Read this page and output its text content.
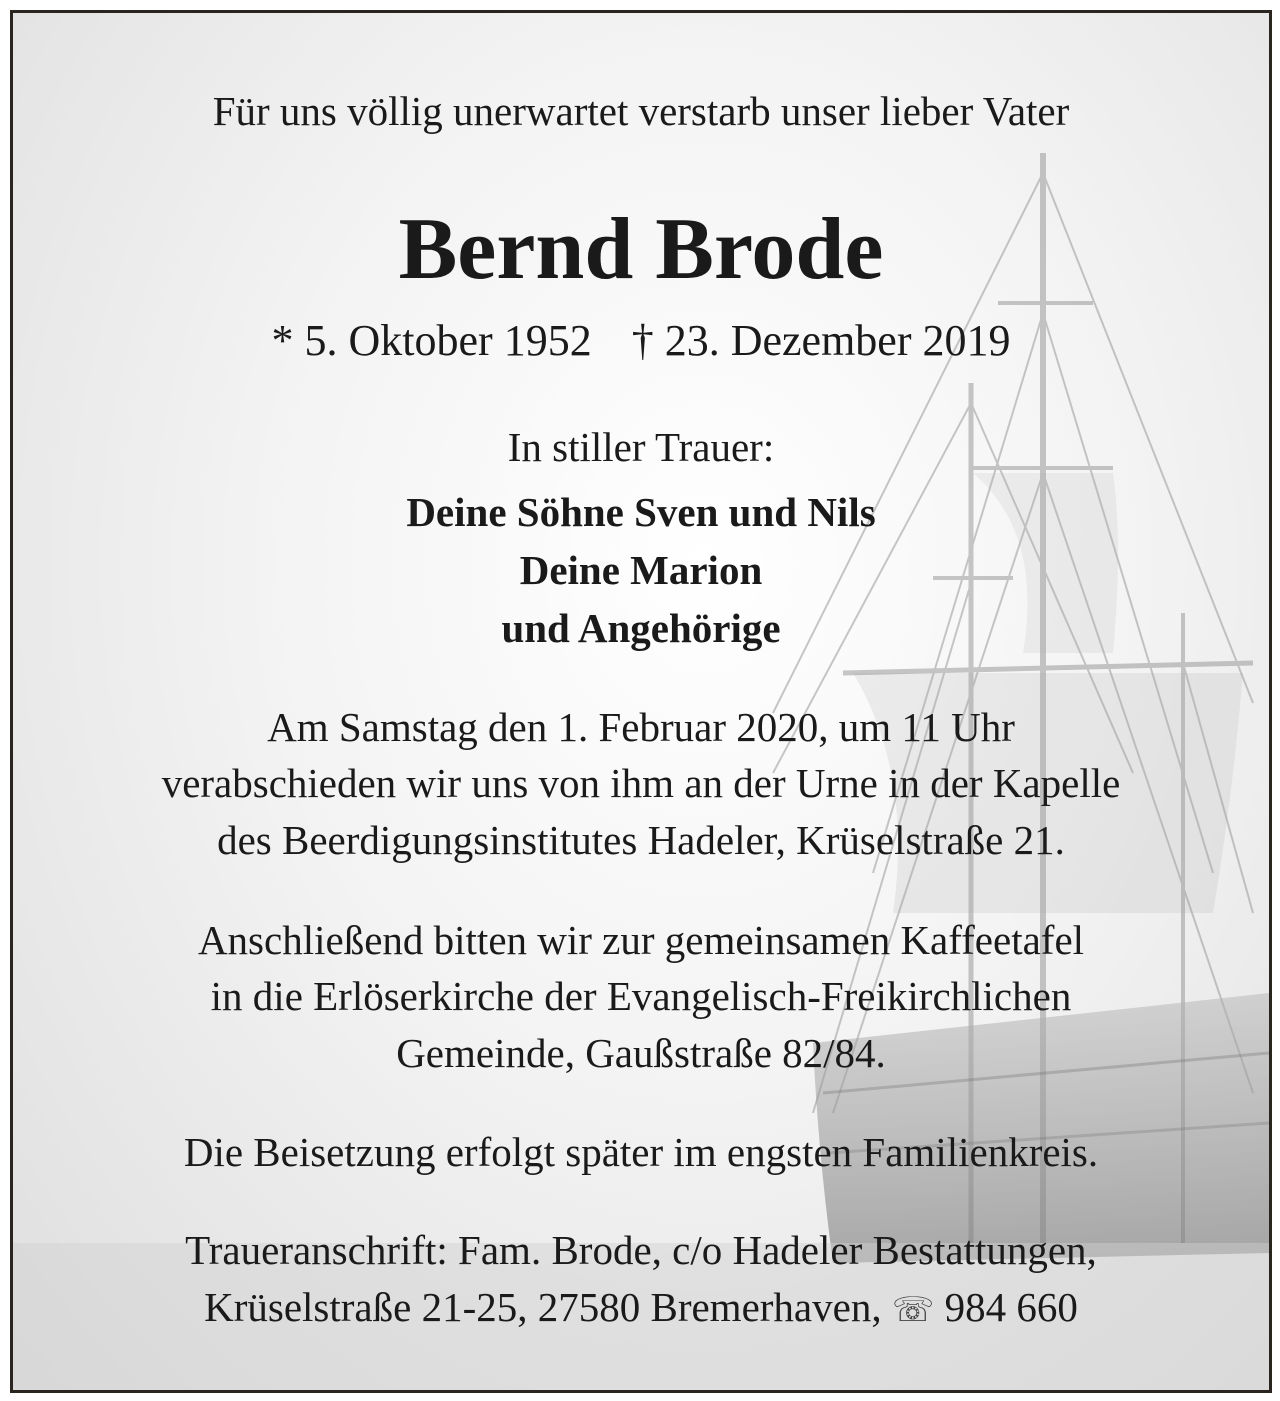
Für uns völlig unerwartet verstarb unser lieber Vater
Bernd Brode
* 5. Oktober 1952 † 23. Dezember 2019
In stiller Trauer:
Deine Söhne Sven und Nils
Deine Marion
und Angehörige
Am Samstag den 1. Februar 2020, um 11 Uhr
verabschieden wir uns von ihm an der Urne in der Kapelle
des Beerdigungsinstitutes Hadeler, Krüselstraße 21.
Anschließend bitten wir zur gemeinsamen Kaffeetafel
in die Erlöserkirche der Evangelisch-Freikirchlichen
Gemeinde, Gaußstraße 82/84.
Die Beisetzung erfolgt später im engsten Familienkreis.
Traueranschrift: Fam. Brode, c/o Hadeler Bestattungen,
Krüselstraße 21-25, 27580 Bremerhaven, ☏ 984 660
